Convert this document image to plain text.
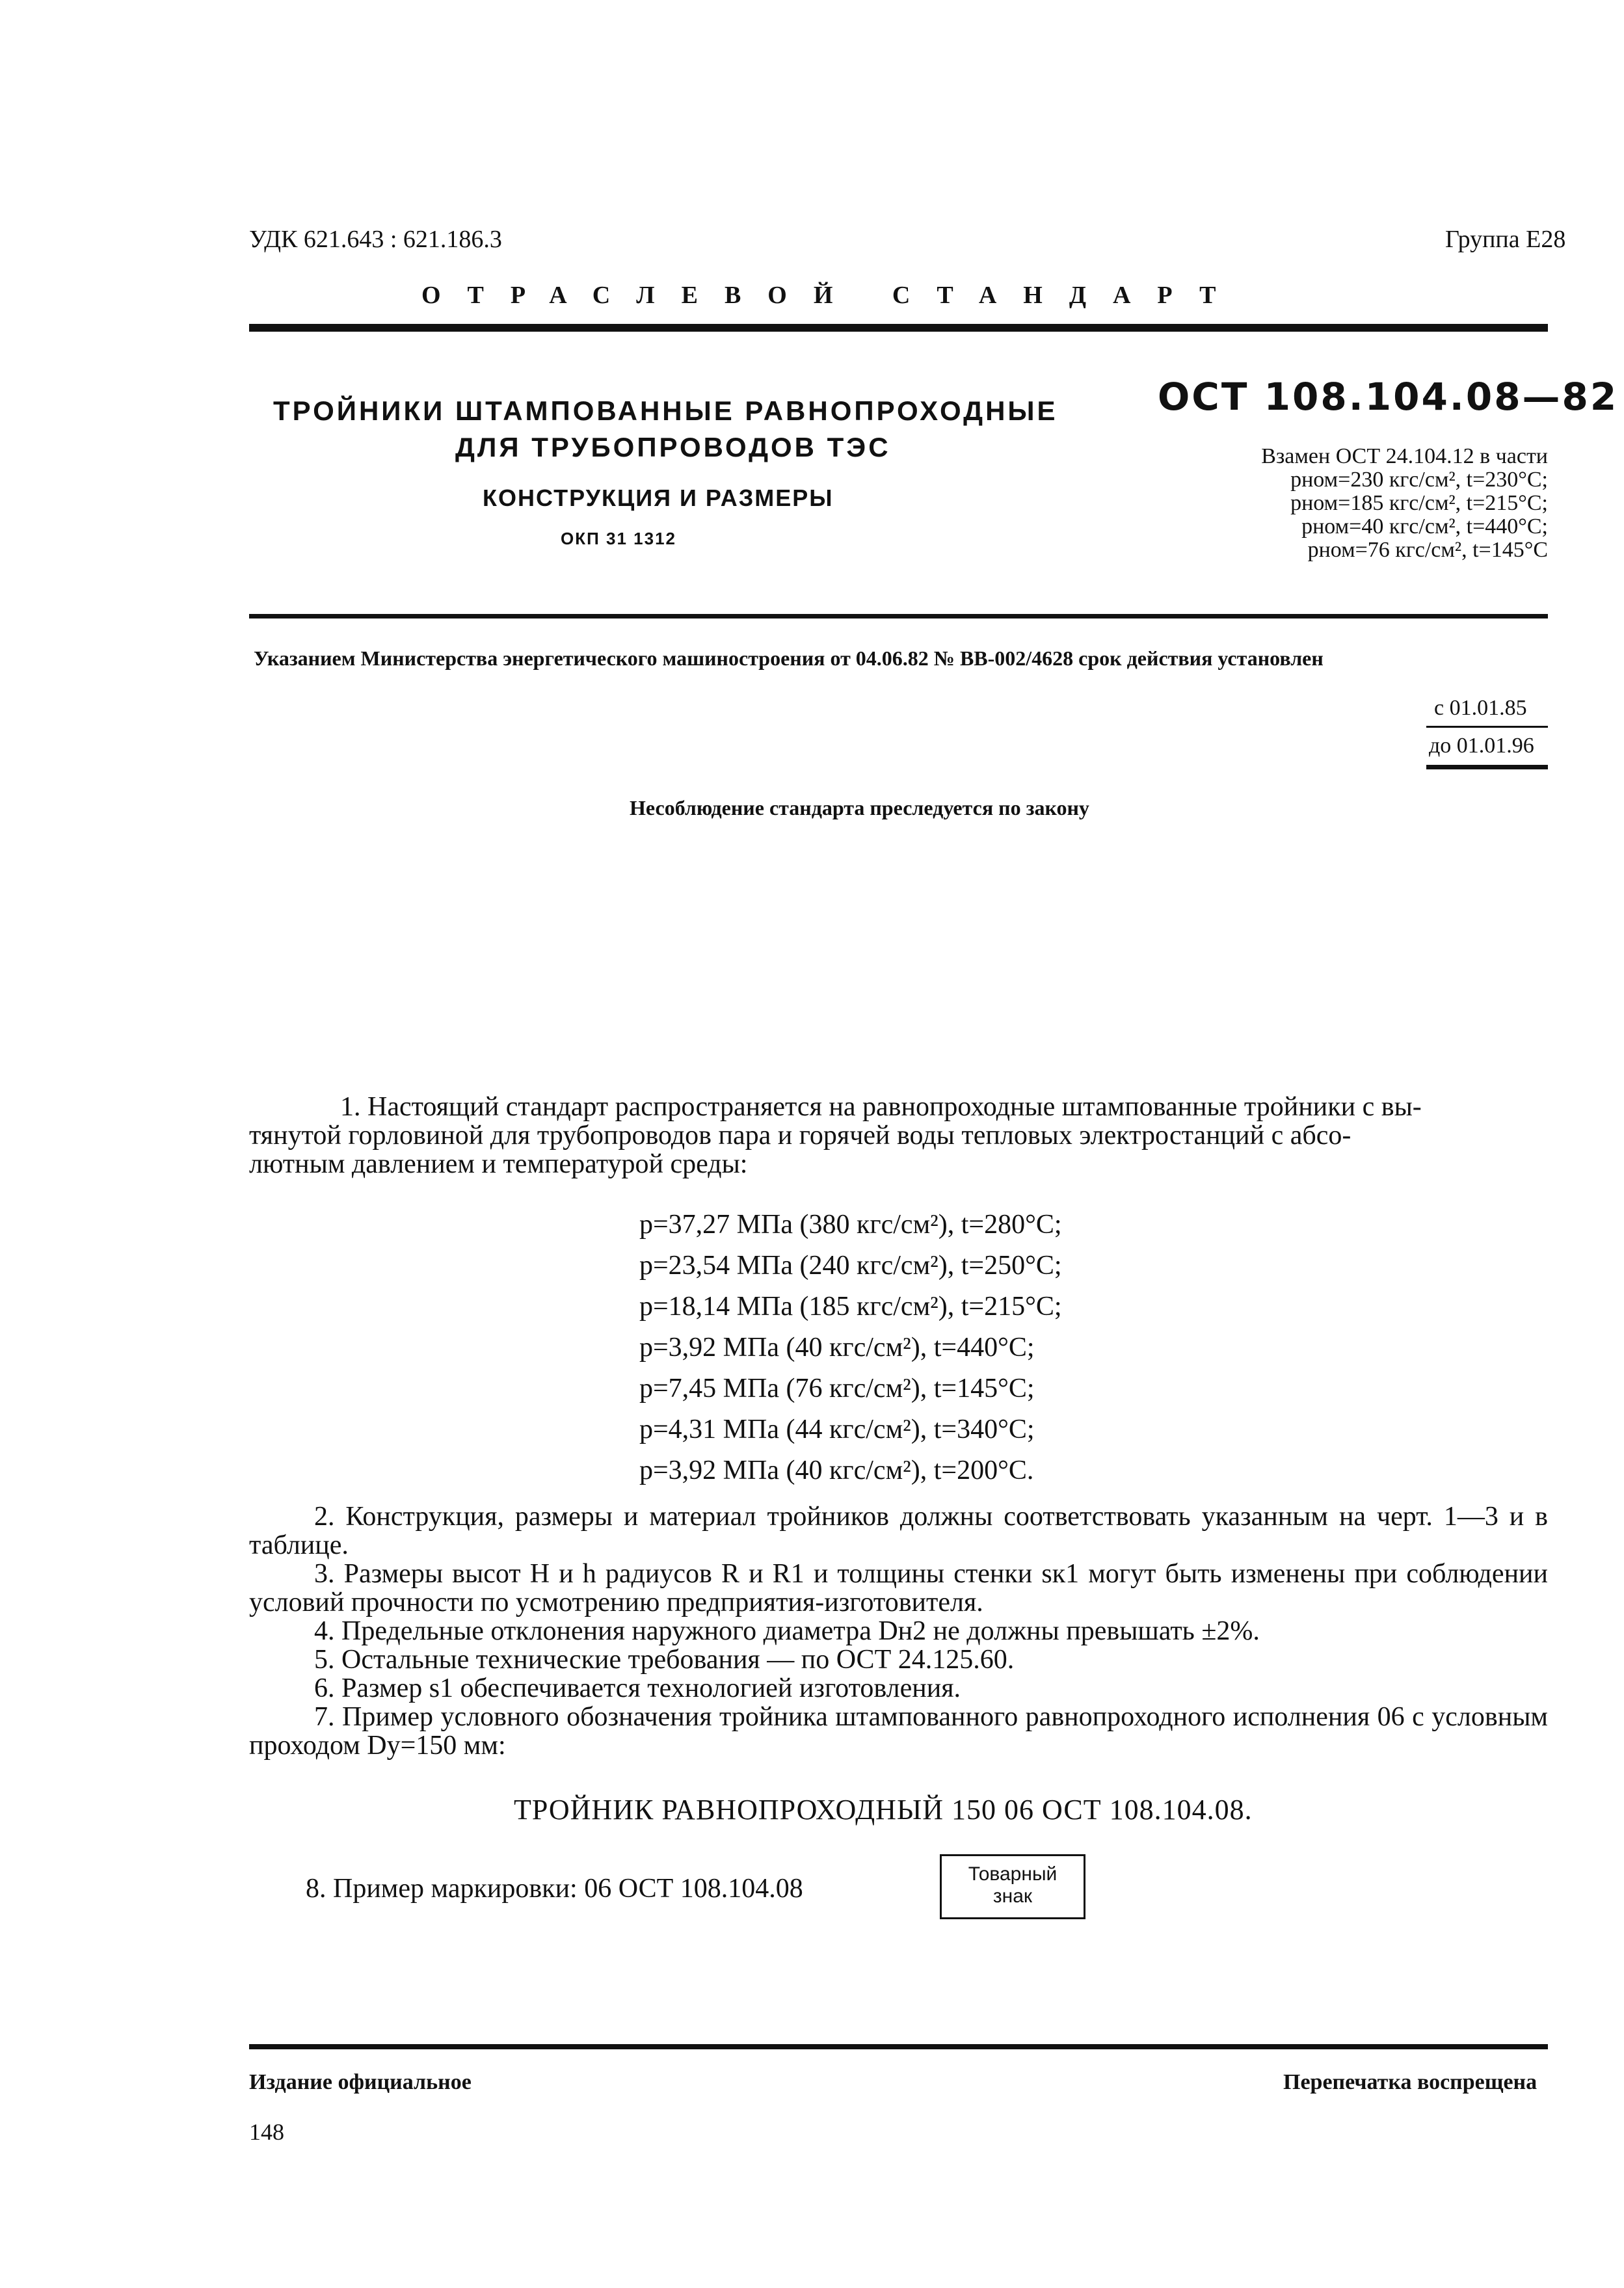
УДК 621.643 : 621.186.3	Группа Е28
ОТРАСЛЕВОЙ СТАНДАРТ
ТРОЙНИКИ ШТАМПОВАННЫЕ РАВНОПРОХОДНЫЕ
ДЛЯ ТРУБОПРОВОДОВ ТЭС
КОНСТРУКЦИЯ И РАЗМЕРЫ
ОКП 31 1312
ОСТ 108.104.08—82
Взамен ОСТ 24.104.12 в части
pном=230 кгс/см², t=230°С;
pном=185 кгс/см², t=215°С;
pном=40 кгс/см², t=440°С;
pном=76 кгс/см², t=145°С
Указанием Министерства энергетического машиностроения от 04.06.82 № ВВ-002/4628 срок действия установлен
с 01.01.85
до 01.01.96
Несоблюдение стандарта преследуется по закону
1. Настоящий стандарт распространяется на равнопроходные штампованные тройники с вы-
тянутой горловиной для трубопроводов пара и горячей воды тепловых электростанций с абсо-
лютным давлением и температурой среды:
p=37,27 МПа (380 кгс/см²), t=280°С;
p=23,54 МПа (240 кгс/см²), t=250°С;
p=18,14 МПа (185 кгс/см²), t=215°С;
p=3,92 МПа (40 кгс/см²), t=440°С;
p=7,45 МПа (76 кгс/см²), t=145°С;
p=4,31 МПа (44 кгс/см²), t=340°С;
p=3,92 МПа (40 кгс/см²), t=200°С.
2. Конструкция, размеры и материал тройников должны соответствовать указанным на черт. 1—3 и в таблице.
3. Размеры высот H и h радиусов R и R1 и толщины стенки sк1 могут быть изменены при соблюдении условий прочности по усмотрению предприятия-изготовителя.
4. Предельные отклонения наружного диаметра Dн2 не должны превышать ±2%.
5. Остальные технические требования — по ОСТ 24.125.60.
6. Размер s1 обеспечивается технологией изготовления.
7. Пример условного обозначения тройника штампованного равнопроходного исполнения 06 с условным проходом Dу=150 мм:
ТРОЙНИК РАВНОПРОХОДНЫЙ 150 06 ОСТ 108.104.08.
8. Пример маркировки: 06 ОСТ 108.104.08	Товарный
знак
Издание официальное	Перепечатка воспрещена
148
